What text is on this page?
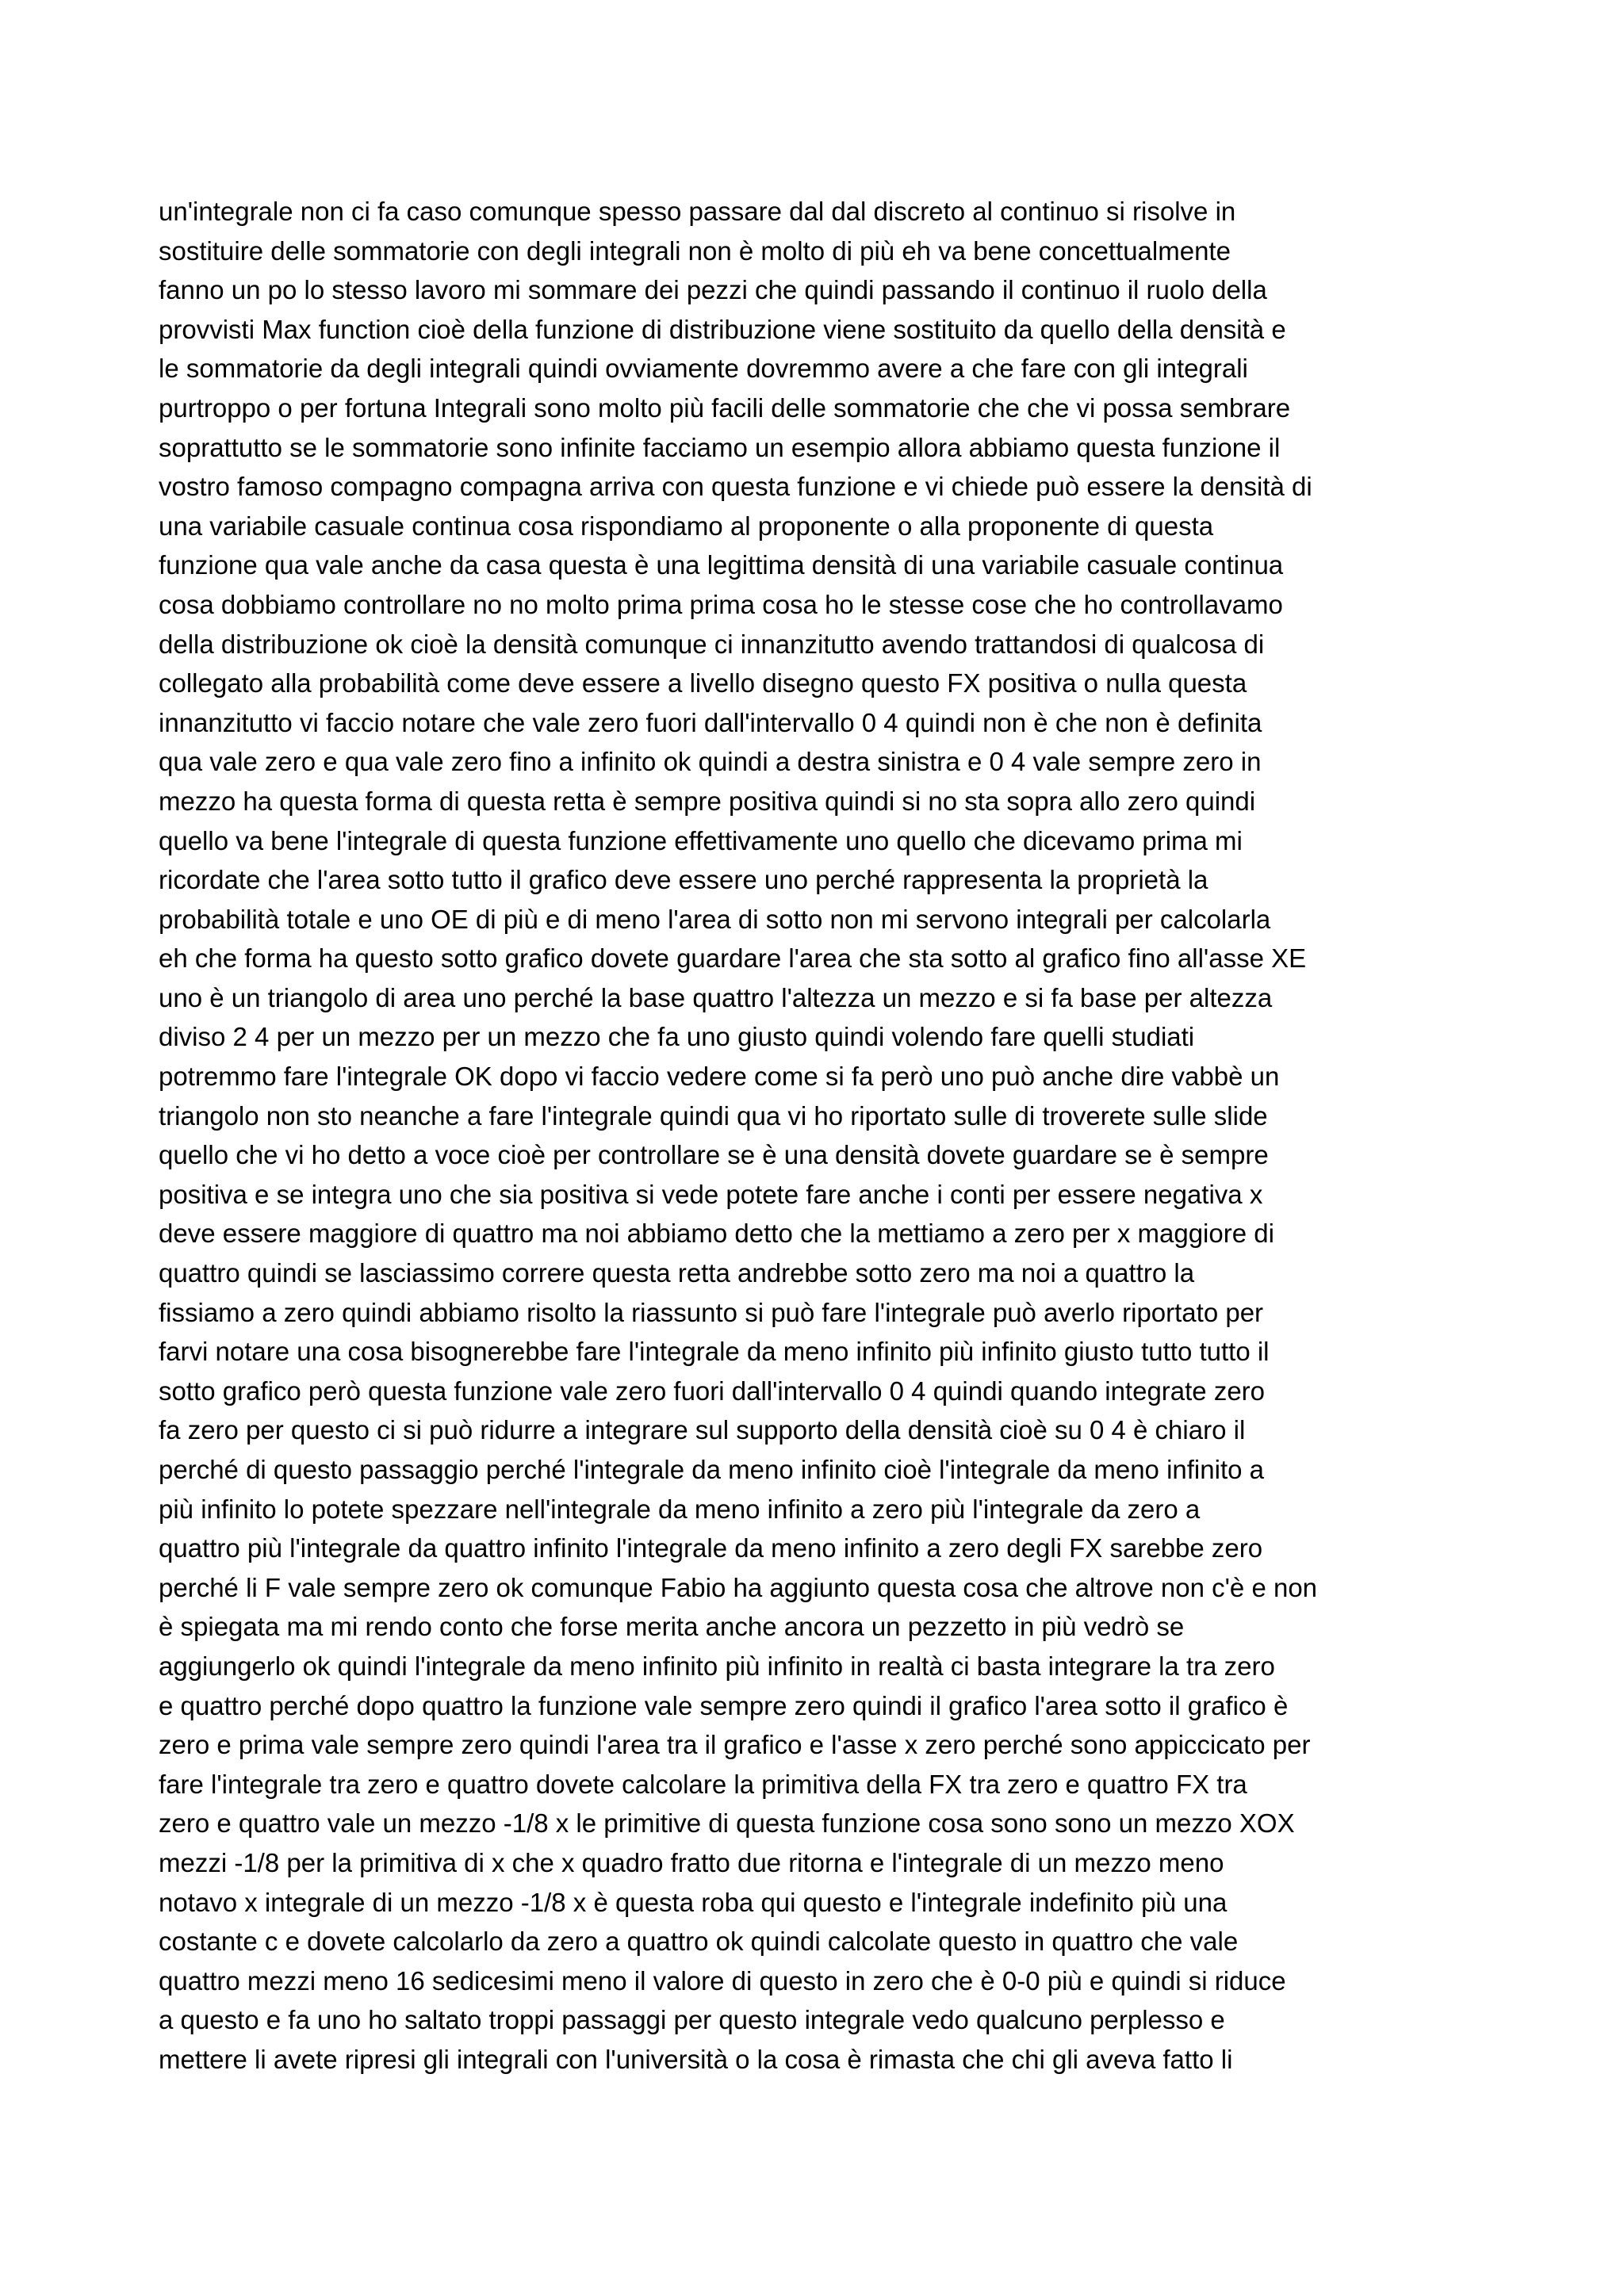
un'integrale non ci fa caso comunque spesso passare dal dal discreto al continuo si risolve in
sostituire delle sommatorie con degli integrali non è molto di più eh va bene concettualmente
fanno un po lo stesso lavoro mi sommare dei pezzi che quindi passando il continuo il ruolo della
provvisti Max function cioè della funzione di distribuzione viene sostituito da quello della densità e
le sommatorie da degli integrali quindi ovviamente dovremmo avere a che fare con gli integrali
purtroppo o per fortuna Integrali sono molto più facili delle sommatorie che che vi possa sembrare
soprattutto se le sommatorie sono infinite facciamo un esempio allora abbiamo questa funzione il
vostro famoso compagno compagna arriva con questa funzione e vi chiede può essere la densità di
una variabile casuale continua cosa rispondiamo al proponente o alla proponente di questa
funzione qua vale anche da casa questa è una legittima densità di una variabile casuale continua
cosa dobbiamo controllare no no molto prima prima cosa ho le stesse cose che ho controllavamo
della distribuzione ok cioè la densità comunque ci innanzitutto avendo trattandosi di qualcosa di
collegato alla probabilità come deve essere a livello disegno questo FX positiva o nulla questa
innanzitutto vi faccio notare che vale zero fuori dall'intervallo 0 4 quindi non è che non è definita
qua vale zero e qua vale zero fino a infinito ok quindi a destra sinistra e 0 4 vale sempre zero in
mezzo ha questa forma di questa retta è sempre positiva quindi si no sta sopra allo zero quindi
quello va bene l'integrale di questa funzione effettivamente uno quello che dicevamo prima mi
ricordate che l'area sotto tutto il grafico deve essere uno perché rappresenta la proprietà la
probabilità totale e uno OE di più e di meno l'area di sotto non mi servono integrali per calcolarla
eh che forma ha questo sotto grafico dovete guardare l'area che sta sotto al grafico fino all'asse XE
uno è un triangolo di area uno perché la base quattro l'altezza un mezzo e si fa base per altezza
diviso 2 4 per un mezzo per un mezzo che fa uno giusto quindi volendo fare quelli studiati
potremmo fare l'integrale OK dopo vi faccio vedere come si fa però uno può anche dire vabbè un
triangolo non sto neanche a fare l'integrale quindi qua vi ho riportato sulle di troverete sulle slide
quello che vi ho detto a voce cioè per controllare se è una densità dovete guardare se è sempre
positiva e se integra uno che sia positiva si vede potete fare anche i conti per essere negativa x
deve essere maggiore di quattro ma noi abbiamo detto che la mettiamo a zero per x maggiore di
quattro quindi se lasciassimo correre questa retta andrebbe sotto zero ma noi a quattro la
fissiamo a zero quindi abbiamo risolto la riassunto si può fare l'integrale può averlo riportato per
farvi notare una cosa bisognerebbe fare l'integrale da meno infinito più infinito giusto tutto tutto il
sotto grafico però questa funzione vale zero fuori dall'intervallo 0 4 quindi quando integrate zero
fa zero per questo ci si può ridurre a integrare sul supporto della densità cioè su 0 4 è chiaro il
perché di questo passaggio perché l'integrale da meno infinito cioè l'integrale da meno infinito a
più infinito lo potete spezzare nell'integrale da meno infinito a zero più l'integrale da zero a
quattro più l'integrale da quattro infinito l'integrale da meno infinito a zero degli FX sarebbe zero
perché li F vale sempre zero ok comunque Fabio ha aggiunto questa cosa che altrove non c'è e non
è spiegata ma mi rendo conto che forse merita anche ancora un pezzetto in più vedrò se
aggiungerlo ok quindi l'integrale da meno infinito più infinito in realtà ci basta integrare la tra zero
e quattro perché dopo quattro la funzione vale sempre zero quindi il grafico l'area sotto il grafico è
zero e prima vale sempre zero quindi l'area tra il grafico e l'asse x zero perché sono appiccicato per
fare l'integrale tra zero e quattro dovete calcolare la primitiva della FX tra zero e quattro FX tra
zero e quattro vale un mezzo -1/8 x le primitive di questa funzione cosa sono sono un mezzo XOX
mezzi -1/8 per la primitiva di x che x quadro fratto due ritorna e l'integrale di un mezzo meno
notavo x integrale di un mezzo -1/8 x è questa roba qui questo e l'integrale indefinito più una
costante c e dovete calcolarlo da zero a quattro ok quindi calcolate questo in quattro che vale
quattro mezzi meno 16 sedicesimi meno il valore di questo in zero che è 0-0 più e quindi si riduce
a questo e fa uno ho saltato troppi passaggi per questo integrale vedo qualcuno perplesso e
mettere li avete ripresi gli integrali con l'università o la cosa è rimasta che chi gli aveva fatto li
